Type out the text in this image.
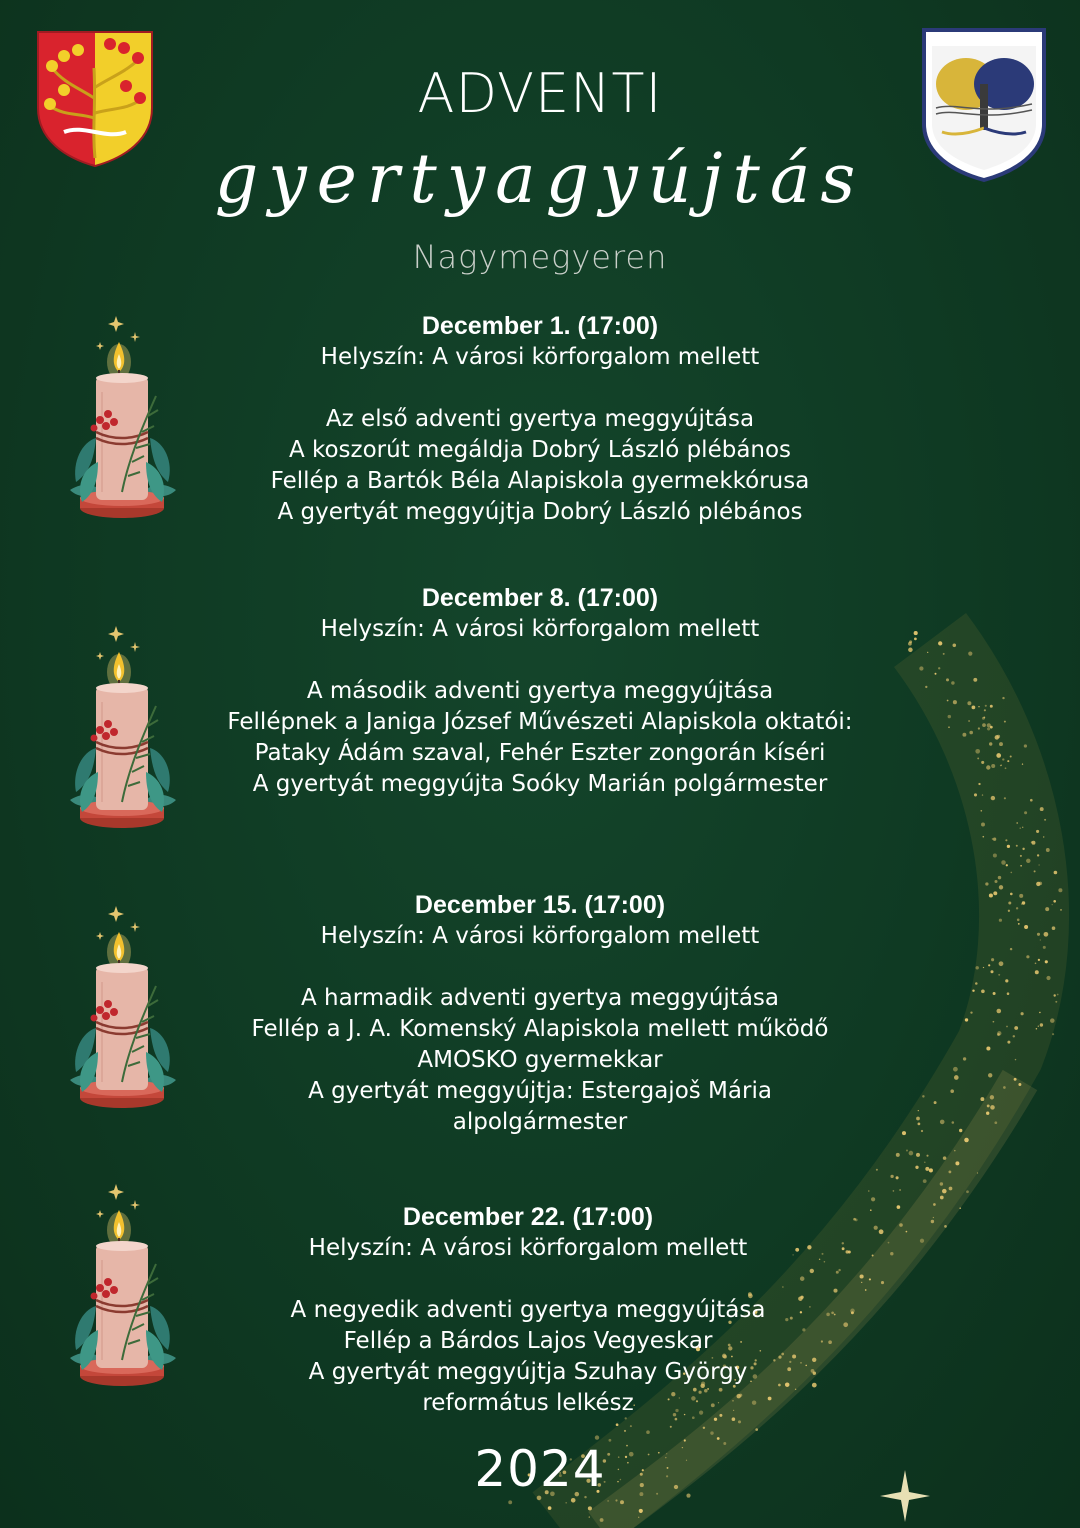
ADVENTI
gyertyagyújtás
Nagymegyeren
December 1. (17:00)
Helyszín: A városi körforgalom mellett
Az első adventi gyertya meggyújtása
A koszorút megáldja Dobrý László plébános
Fellép a Bartók Béla Alapiskola gyermekkórusa
A gyertyát meggyújtja Dobrý László plébános
December 8. (17:00)
Helyszín: A városi körforgalom mellett
A második adventi gyertya meggyújtása
Fellépnek a Janiga József Művészeti Alapiskola oktatói:
Pataky Ádám szaval, Fehér Eszter zongorán kíséri
A gyertyát meggyújta Soóky Marián polgármester
December 15. (17:00)
Helyszín: A városi körforgalom mellett
A harmadik adventi gyertya meggyújtása
Fellép a J. A. Komenský Alapiskola mellett működő
AMOSKO gyermekkar
A gyertyát meggyújtja: Estergajoš Mária
alpolgármester
December 22. (17:00)
Helyszín: A városi körforgalom mellett
A negyedik adventi gyertya meggyújtása
Fellép a Bárdos Lajos Vegyeskar
A gyertyát meggyújtja Szuhay György
református lelkész
2024
